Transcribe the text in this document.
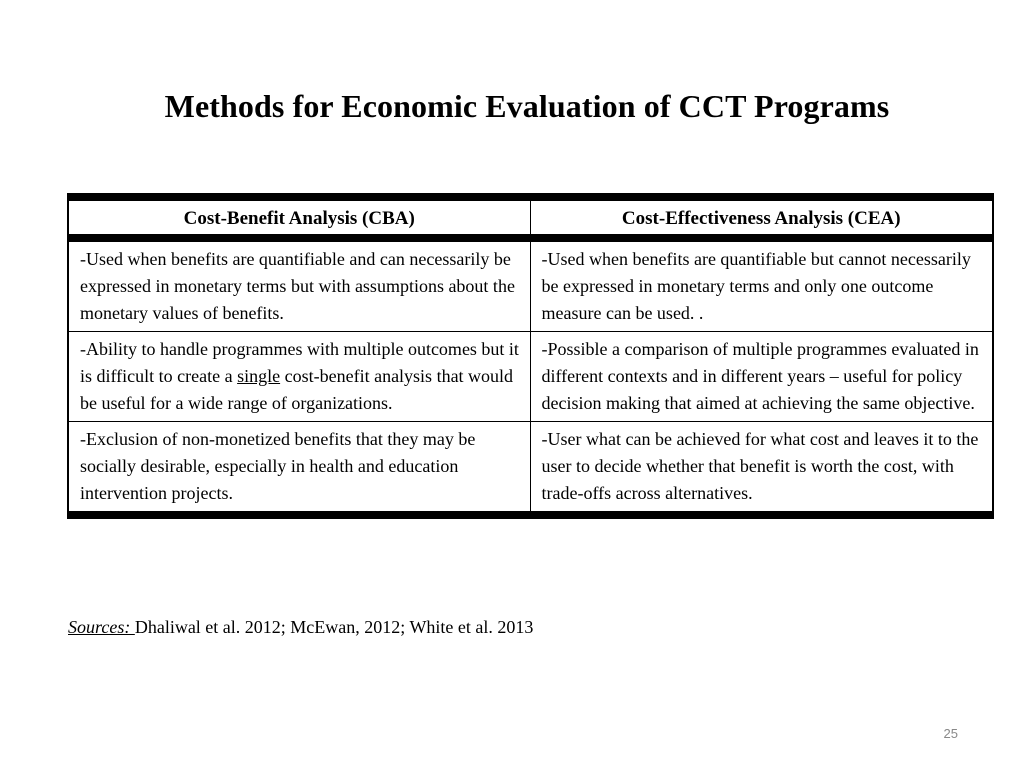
Methods for Economic Evaluation of CCT Programs
Cost-Benefit Analysis (CBA)	Cost-Effectiveness Analysis (CEA)
-Used when benefits are quantifiable and can necessarily be expressed in monetary terms but with assumptions about the monetary values of benefits.	-Used when benefits are quantifiable but cannot necessarily be expressed in monetary terms and only one outcome measure can be used. .
-Ability to handle programmes with multiple outcomes but it is difficult to create a single cost-benefit analysis that would be useful for a wide range of organizations.	-Possible a comparison of multiple programmes evaluated in different contexts and in different years – useful for policy decision making that aimed at achieving the same objective.
-Exclusion of non-monetized benefits that they may be socially desirable, especially in health and education intervention projects.	-User what can be achieved for what cost and leaves it to the user to decide whether that benefit is worth the cost, with trade-offs across alternatives.
Sources: Dhaliwal et al. 2012; McEwan, 2012; White et al. 2013
25
